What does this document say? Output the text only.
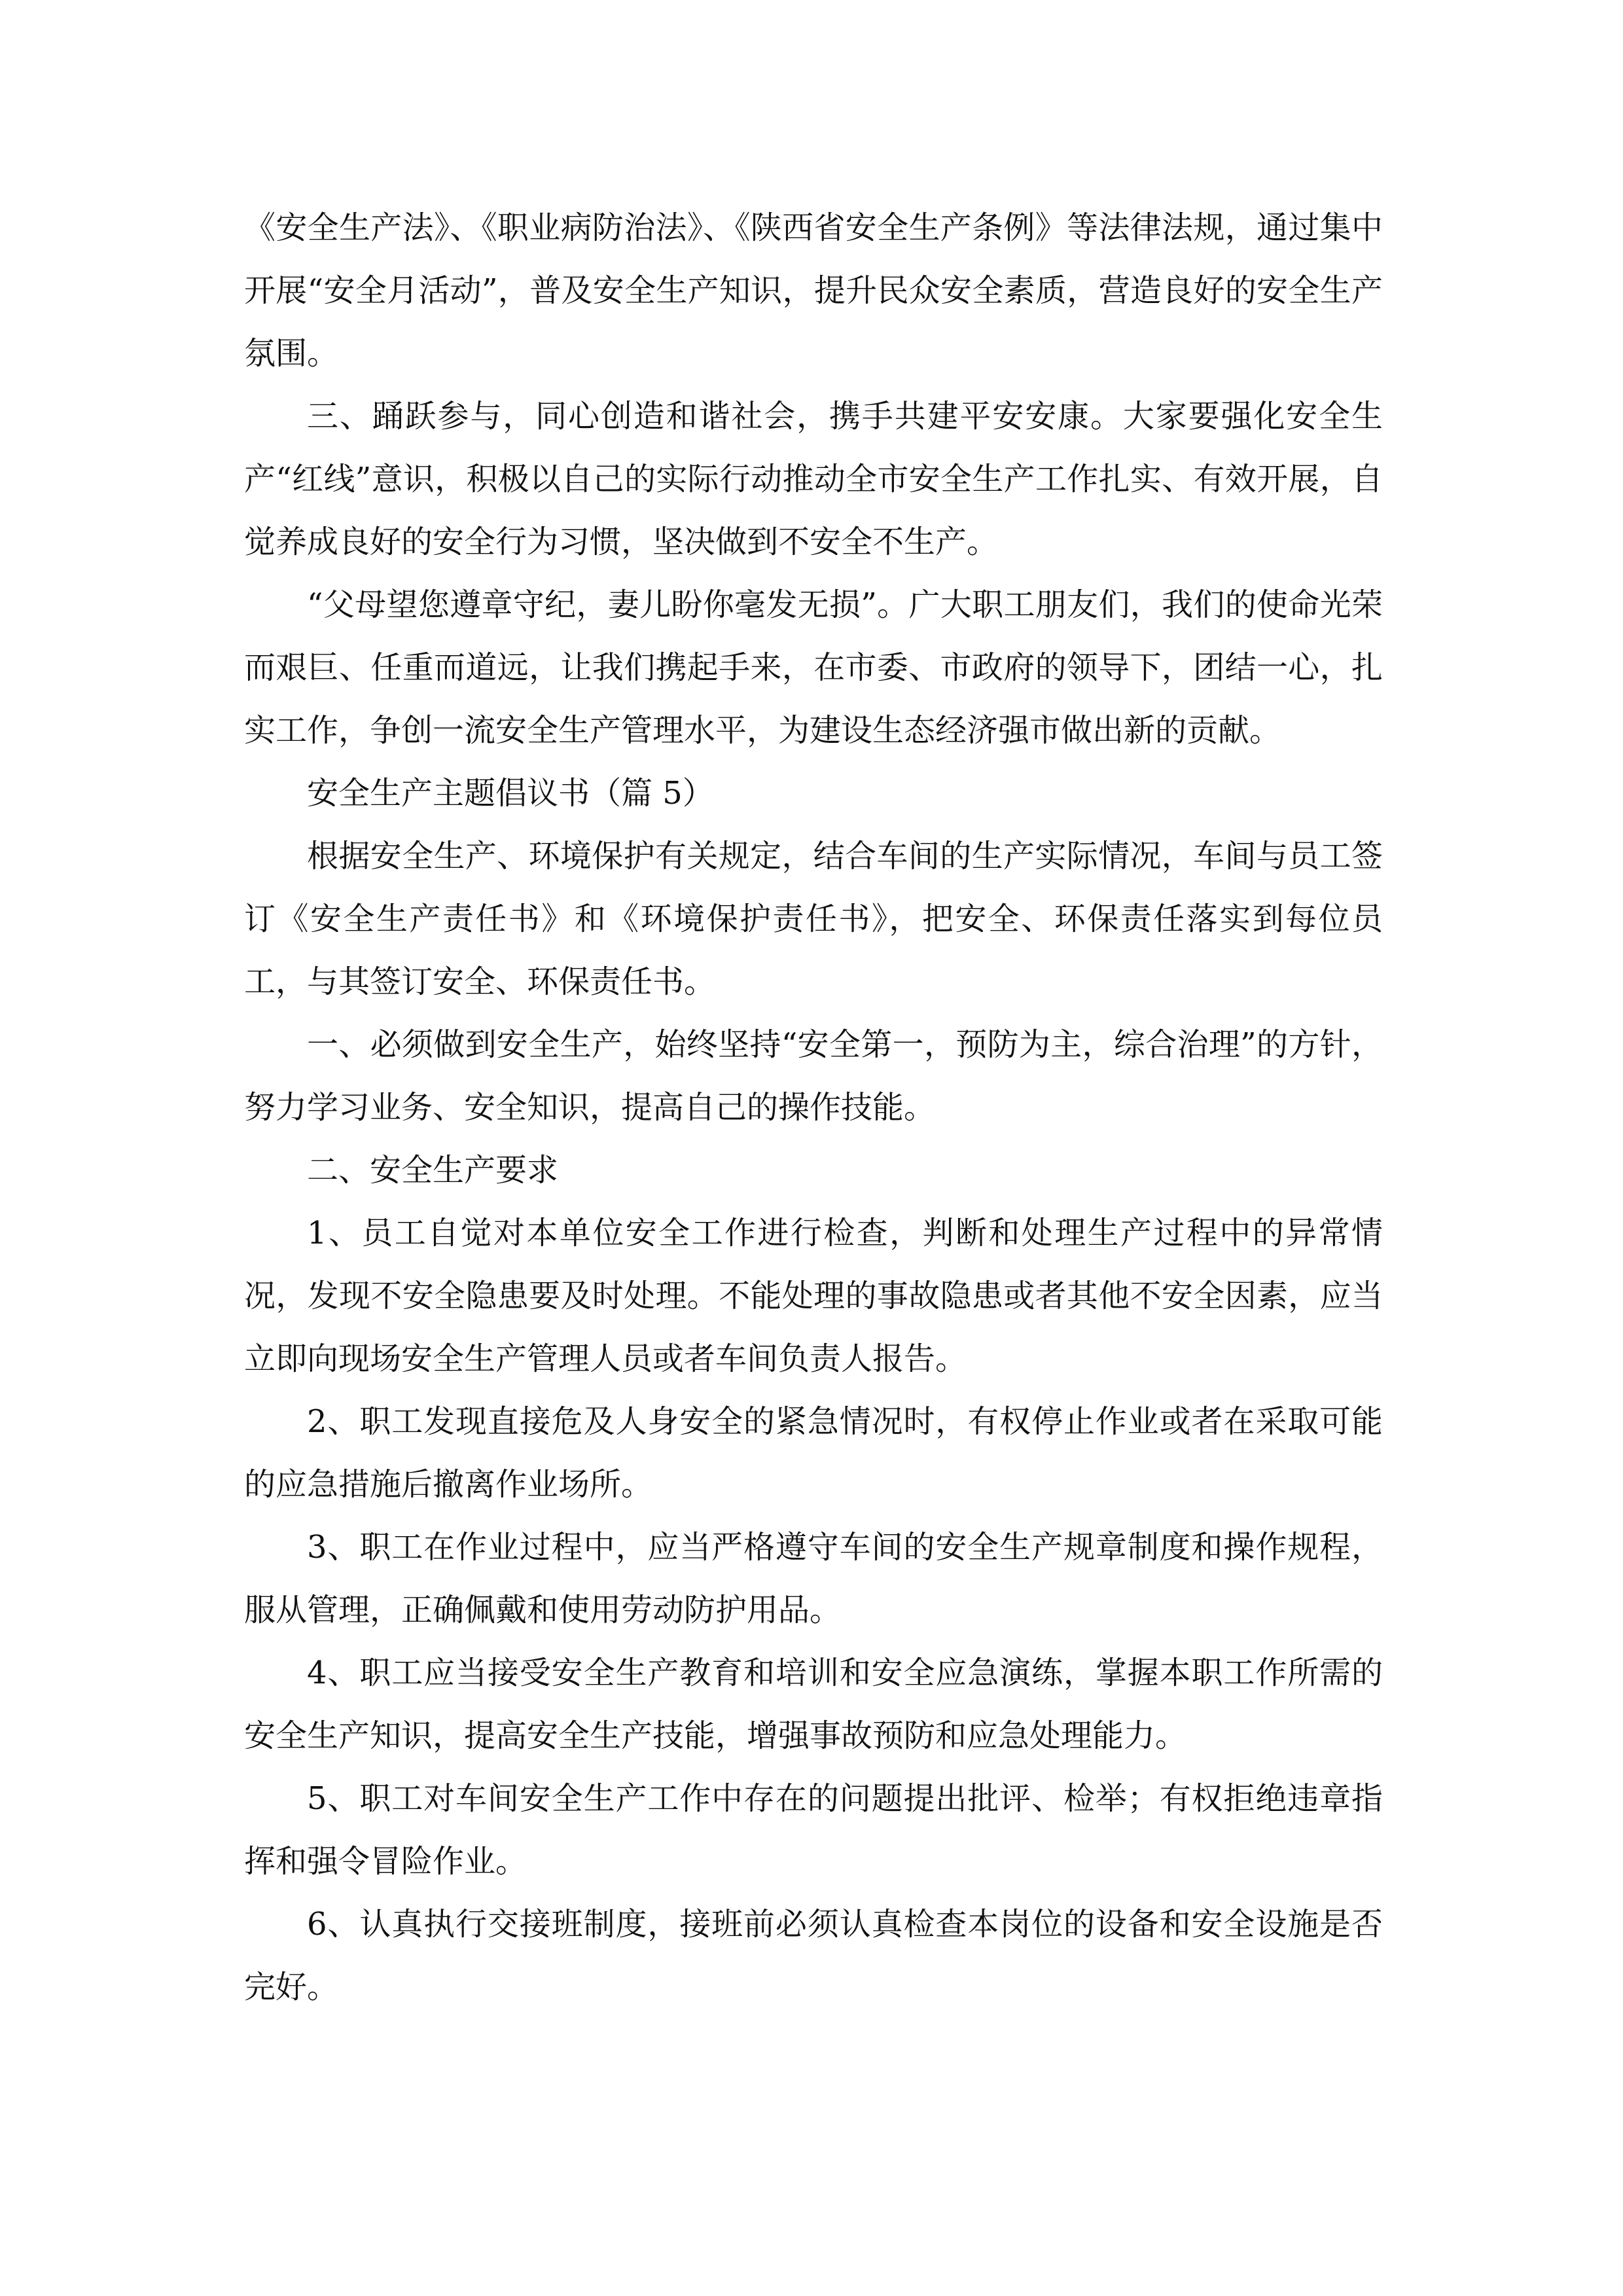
《安全生产法》、《职业病防治法》、《陕西省安全生产条例》等法律法规，通过集中开展“安全月活动”，普及安全生产知识，提升民众安全素质，营造良好的安全生产氛围。

三、踊跃参与，同心创造和谐社会，携手共建平安安康。大家要强化安全生产“红线”意识，积极以自己的实际行动推动全市安全生产工作扎实、有效开展，自觉养成良好的安全行为习惯，坚决做到不安全不生产。

“父母望您遵章守纪，妻儿盼你毫发无损”。广大职工朋友们，我们的使命光荣而艰巨、任重而道远，让我们携起手来，在市委、市政府的领导下，团结一心，扎实工作，争创一流安全生产管理水平，为建设生态经济强市做出新的贡献。

安全生产主题倡议书（篇 5）

根据安全生产、环境保护有关规定，结合车间的生产实际情况，车间与员工签订《安全生产责任书》和《环境保护责任书》，把安全、环保责任落实到每位员工，与其签订安全、环保责任书。

一、必须做到安全生产，始终坚持“安全第一，预防为主，综合治理”的方针，努力学习业务、安全知识，提高自己的操作技能。

二、安全生产要求

1、员工自觉对本单位安全工作进行检查，判断和处理生产过程中的异常情况，发现不安全隐患要及时处理。不能处理的事故隐患或者其他不安全因素，应当立即向现场安全生产管理人员或者车间负责人报告。

2、职工发现直接危及人身安全的紧急情况时，有权停止作业或者在采取可能的应急措施后撤离作业场所。

3、职工在作业过程中，应当严格遵守车间的安全生产规章制度和操作规程，服从管理，正确佩戴和使用劳动防护用品。

4、职工应当接受安全生产教育和培训和安全应急演练，掌握本职工作所需的安全生产知识，提高安全生产技能，增强事故预防和应急处理能力。

5、职工对车间安全生产工作中存在的问题提出批评、检举；有权拒绝违章指挥和强令冒险作业。

6、认真执行交接班制度，接班前必须认真检查本岗位的设备和安全设施是否完好。
